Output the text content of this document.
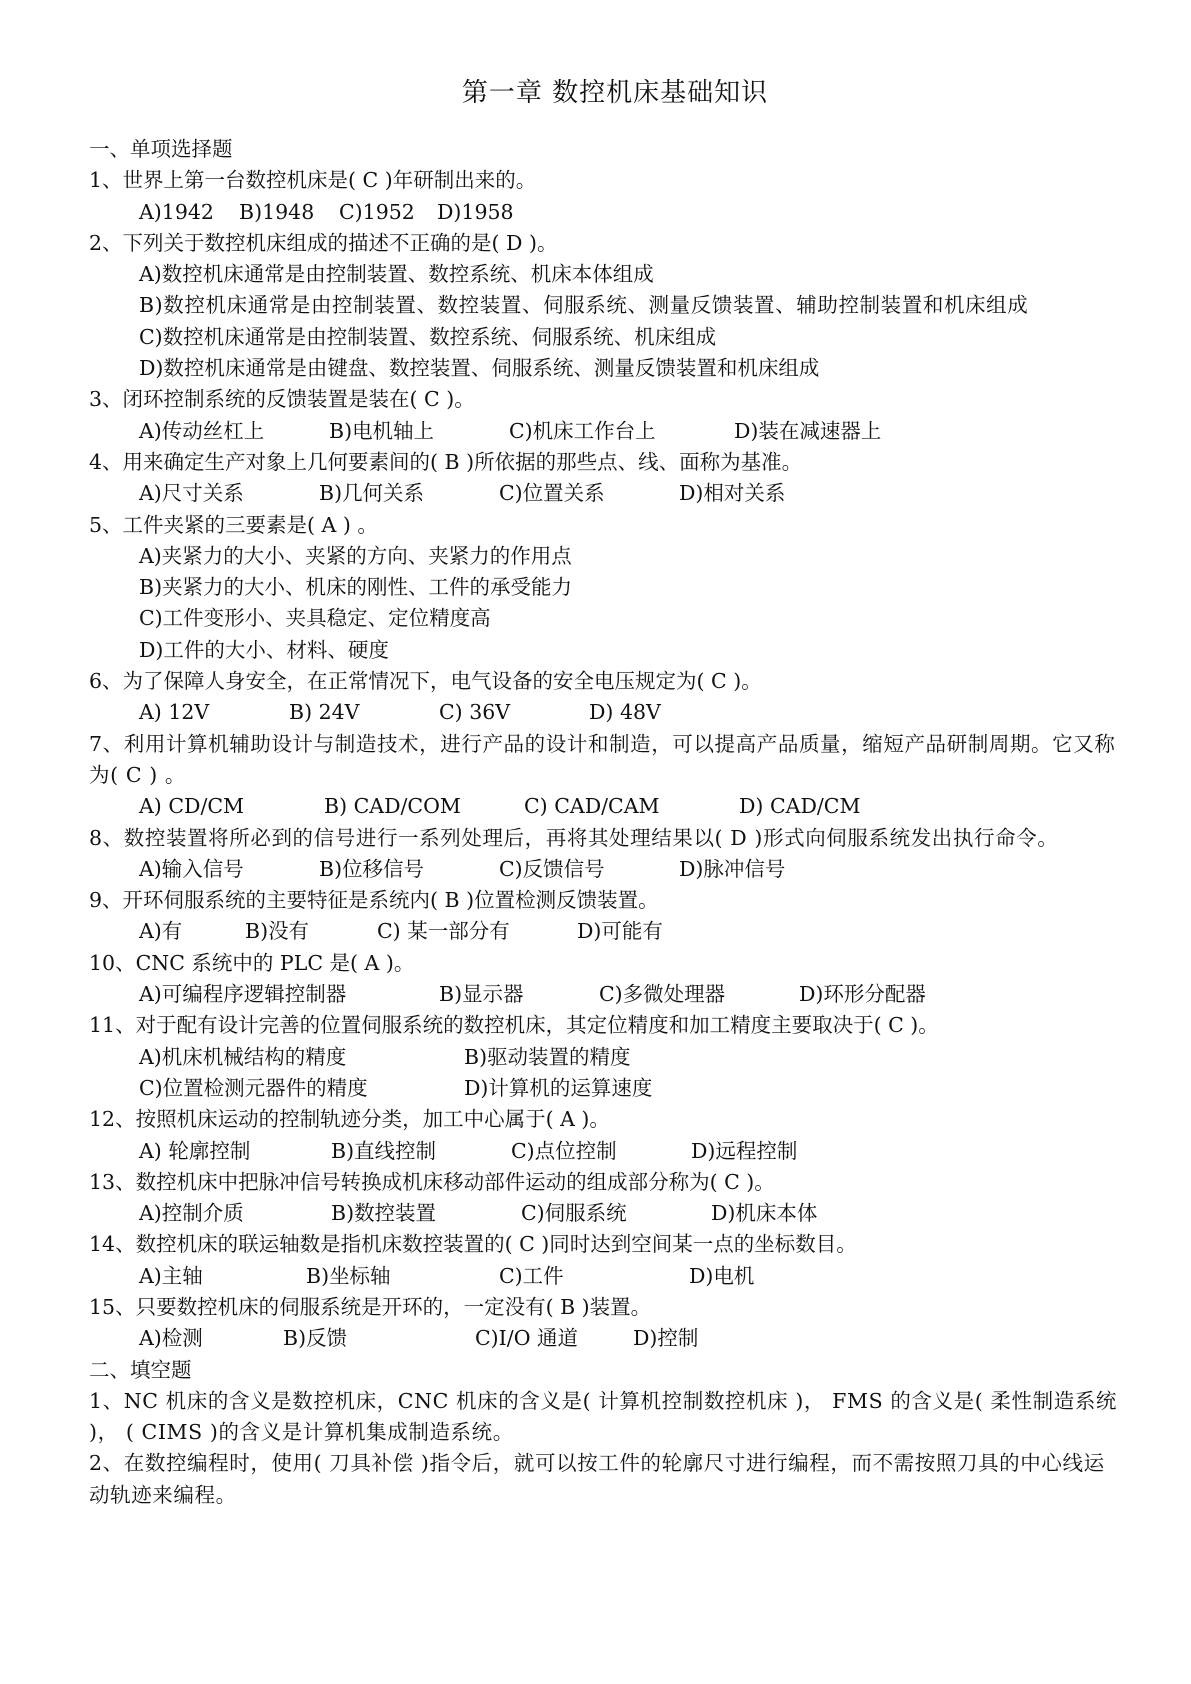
第一章 数控机床基础知识
一、单项选择题
1、世界上第一台数控机床是( C )年研制出来的。
A)1942 B)1948 C)1952 D)1958
2、下列关于数控机床组成的描述不正确的是( D )。
A)数控机床通常是由控制装置、数控系统、机床本体组成
B)数控机床通常是由控制装置、数控装置、伺服系统、测量反馈装置、辅助控制装置和机床组成
C)数控机床通常是由控制装置、数控系统、伺服系统、机床组成
D)数控机床通常是由键盘、数控装置、伺服系统、测量反馈装置和机床组成
3、闭环控制系统的反馈装置是装在( C )。
A)传动丝杠上	B)电机轴上	C)机床工作台上	D)装在减速器上
4、用来确定生产对象上几何要素间的( B )所依据的那些点、线、面称为基准。
A)尺寸关系	B)几何关系	C)位置关系	D)相对关系
5、工件夹紧的三要素是( A ) 。
A)夹紧力的大小、夹紧的方向、夹紧力的作用点
B)夹紧力的大小、机床的刚性、工件的承受能力
C)工件变形小、夹具稳定、定位精度高
D)工件的大小、材料、硬度
6、为了保障人身安全，在正常情况下，电气设备的安全电压规定为( C )。
A) 12V	B) 24V	C) 36V	D) 48V
7、利用计算机辅助设计与制造技术，进行产品的设计和制造，可以提高产品质量，缩短产品研制周期。它又称为( C ) 。
A) CD/CM	B) CAD/COM	C) CAD/CAM	D) CAD/CM
8、数控装置将所必到的信号进行一系列处理后，再将其处理结果以( D )形式向伺服系统发出执行命令。
A)输入信号	B)位移信号	C)反馈信号	D)脉冲信号
9、开环伺服系统的主要特征是系统内( B )位置检测反馈装置。
A)有	B)没有	C) 某一部分有	D)可能有
10、CNC 系统中的 PLC 是( A )。
A)可编程序逻辑控制器	B)显示器	C)多微处理器	D)环形分配器
11、对于配有设计完善的位置伺服系统的数控机床，其定位精度和加工精度主要取决于( C )。
A)机床机械结构的精度	B)驱动装置的精度
C)位置检测元器件的精度	D)计算机的运算速度
12、按照机床运动的控制轨迹分类，加工中心属于( A )。
A) 轮廓控制	B)直线控制	C)点位控制	D)远程控制
13、数控机床中把脉冲信号转换成机床移动部件运动的组成部分称为( C )。
A)控制介质	B)数控装置	C)伺服系统	D)机床本体
14、数控机床的联运轴数是指机床数控装置的( C )同时达到空间某一点的坐标数目。
A)主轴	B)坐标轴	C)工件	D)电机
15、只要数控机床的伺服系统是开环的，一定没有( B )装置。
A)检测	B)反馈	C)I/O 通道	D)控制
二、填空题
1、NC 机床的含义是数控机床，CNC 机床的含义是( 计算机控制数控机床 )， FMS 的含义是( 柔性制造系统 )， ( CIMS )的含义是计算机集成制造系统。
2、在数控编程时，使用( 刀具补偿 )指令后，就可以按工件的轮廓尺寸进行编程，而不需按照刀具的中心线运动轨迹来编程。
